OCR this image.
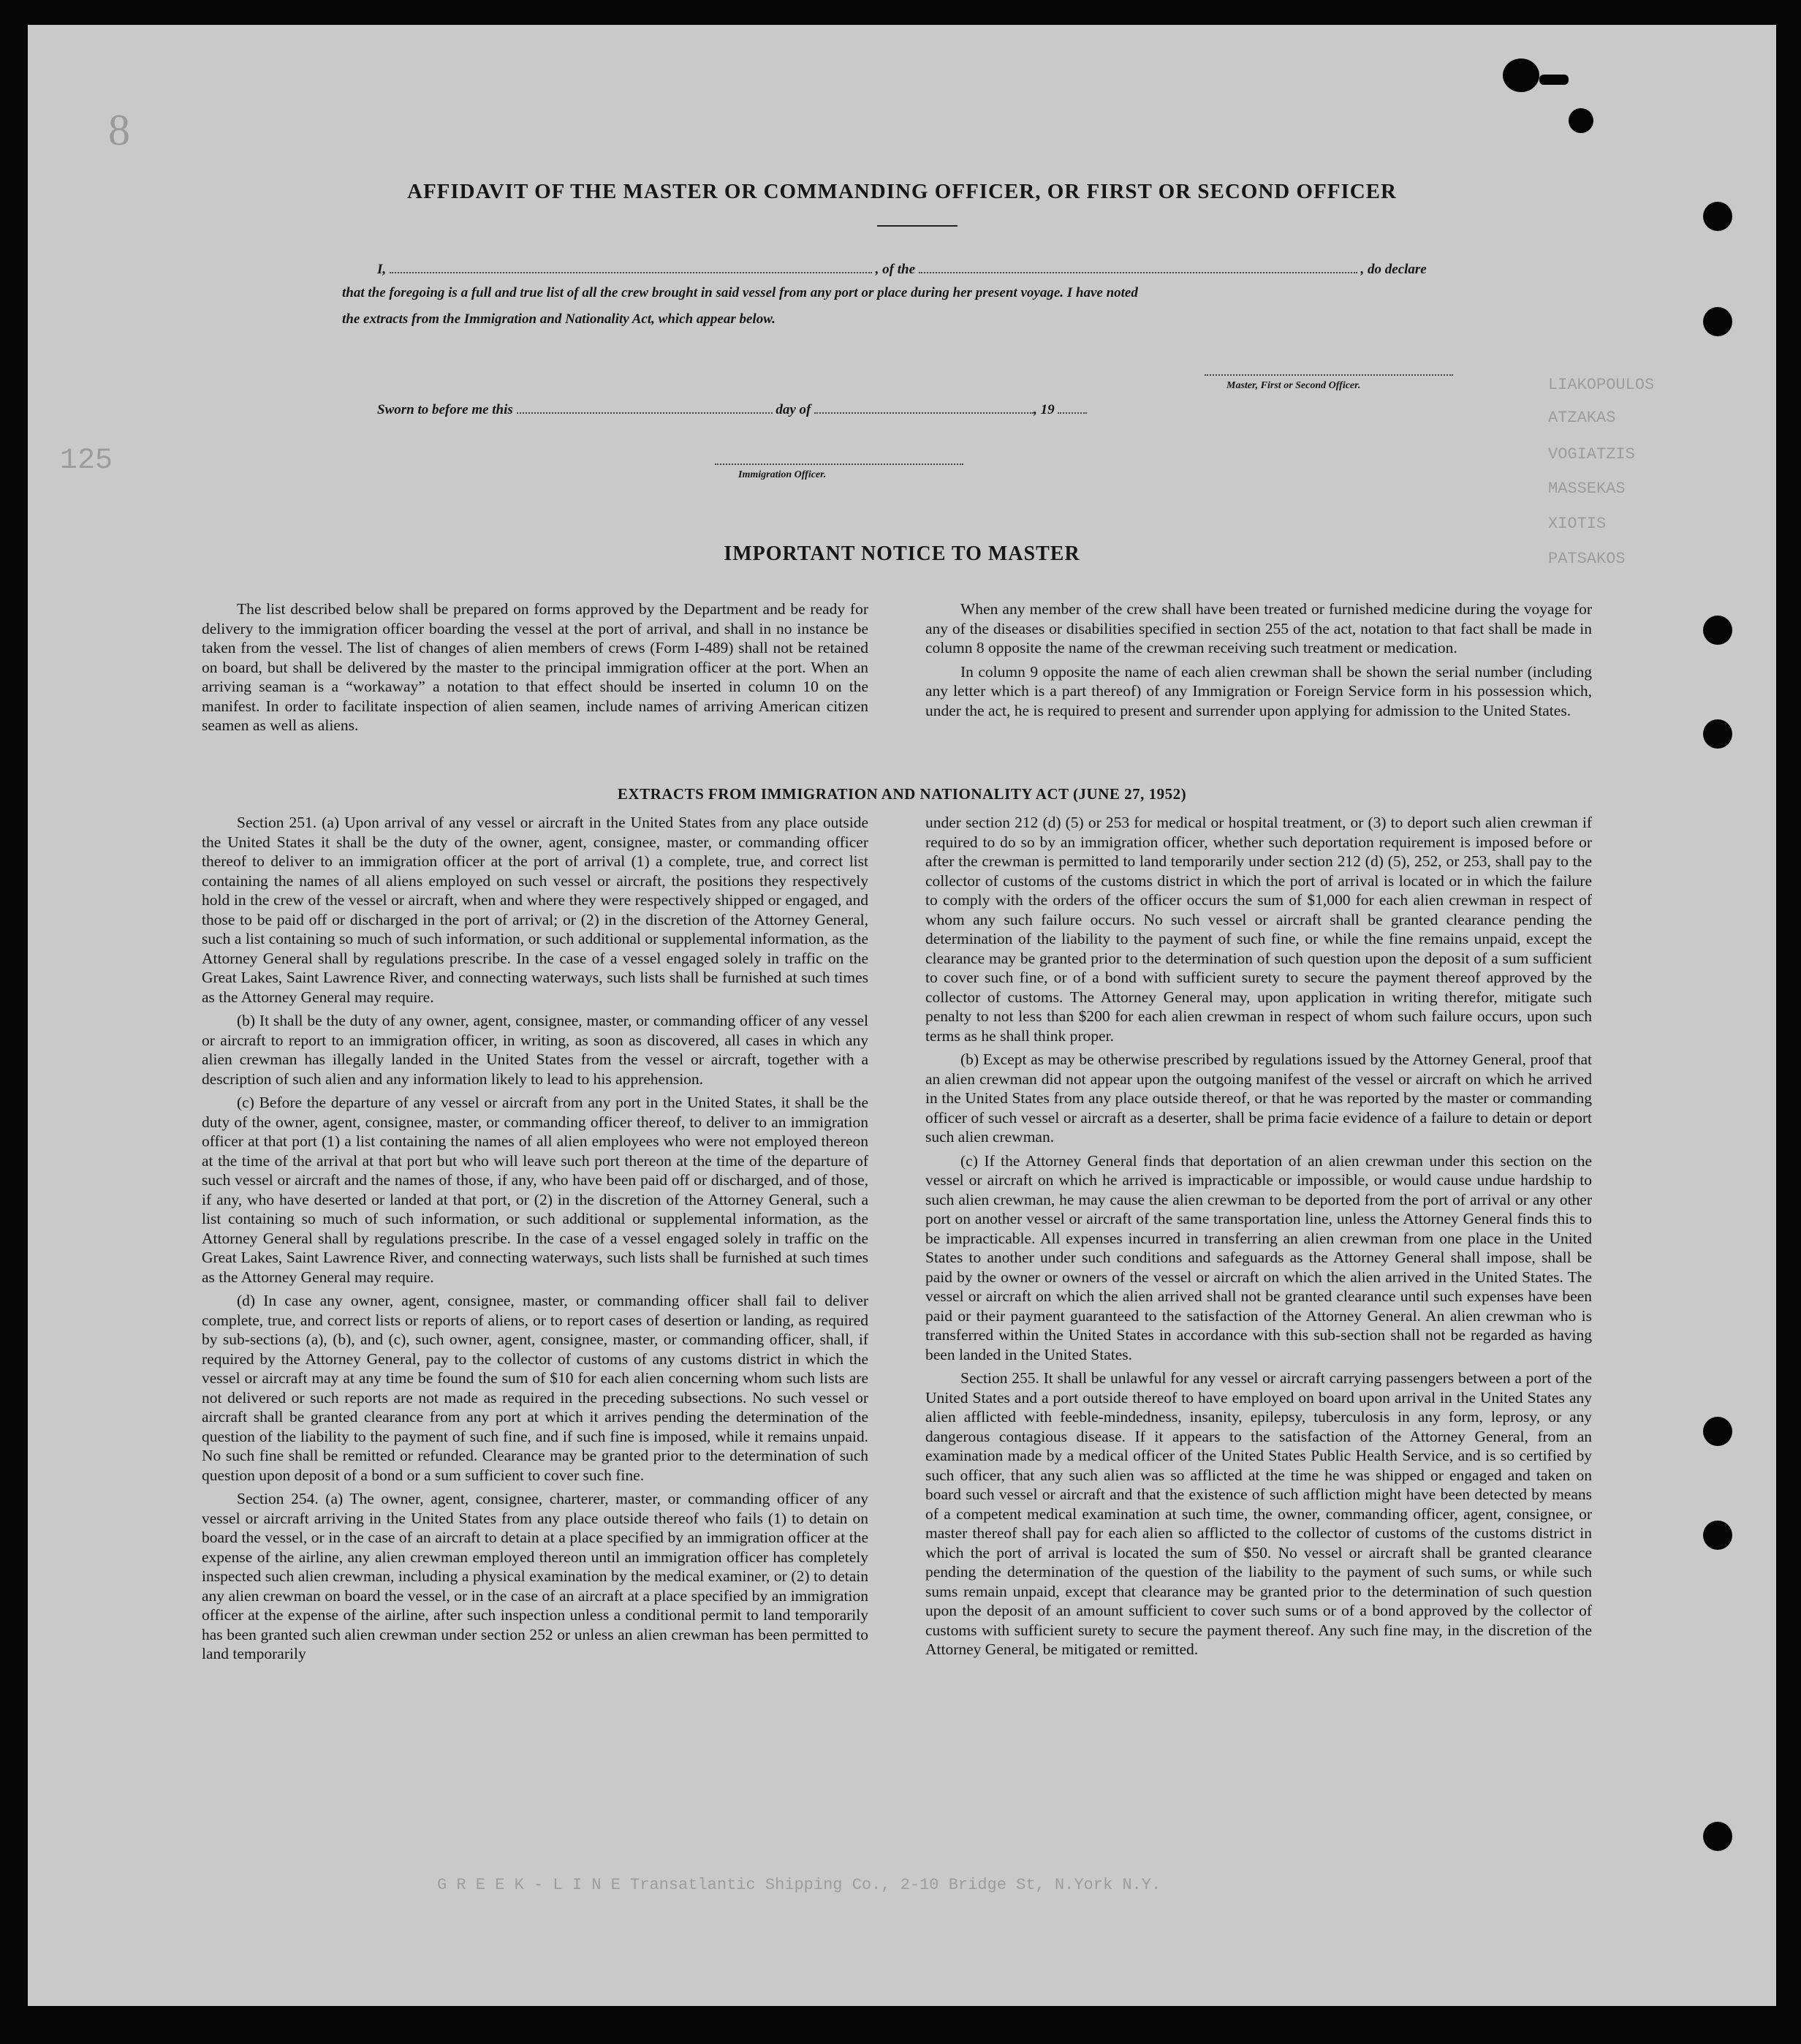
LIAKOPOULOS
ATZAKAS
VOGIATZIS
MASSEKAS
XIOTIS
PATSAKOS
125
G R E E K - L I N E Transatlantic Shipping Co., 2-10 Bridge St, N.York N.Y.
8
AFFIDAVIT OF THE MASTER OR COMMANDING OFFICER, OR FIRST OR SECOND OFFICER
I,	, of the	, do declare
that the foregoing is a full and true list of all the crew brought in said vessel from any port or place during her present voyage. I have noted
the extracts from the Immigration and Nationality Act, which appear below.
Master, First or Second Officer.
Sworn to before me this	day of	, 19
Immigration Officer.
IMPORTANT NOTICE TO MASTER

The list described below shall be prepared on forms approved by the Department and be ready for delivery to the immigration officer boarding the vessel at the port of arrival, and shall in no instance be taken from the vessel. The list of changes of alien members of crews (Form I-489) shall not be retained on board, but shall be delivered by the master to the principal immigration officer at the port. When an arriving seaman is a “workaway” a notation to that effect should be inserted in column 10 on the manifest. In order to facilitate inspection of alien seamen, include names of arriving American citizen seamen as well as aliens.

When any member of the crew shall have been treated or furnished medicine during the voyage for any of the diseases or disabilities specified in section 255 of the act, notation to that fact shall be made in column 8 opposite the name of the crewman receiving such treatment or medication.

In column 9 opposite the name of each alien crewman shall be shown the serial number (including any letter which is a part thereof) of any Immigration or Foreign Service form in his possession which, under the act, he is required to present and surrender upon applying for admission to the United States.

EXTRACTS FROM IMMIGRATION AND NATIONALITY ACT (JUNE 27, 1952)

Section 251. (a) Upon arrival of any vessel or aircraft in the United States from any place outside the United States it shall be the duty of the owner, agent, consignee, master, or commanding officer thereof to deliver to an immigration officer at the port of arrival (1) a complete, true, and correct list containing the names of all aliens employed on such vessel or aircraft, the positions they respectively hold in the crew of the vessel or aircraft, when and where they were respectively shipped or engaged, and those to be paid off or discharged in the port of arrival; or (2) in the discretion of the Attorney General, such a list containing so much of such information, or such additional or supplemental information, as the Attorney General shall by regulations prescribe. In the case of a vessel engaged solely in traffic on the Great Lakes, Saint Lawrence River, and connecting waterways, such lists shall be furnished at such times as the Attorney General may require.

(b) It shall be the duty of any owner, agent, consignee, master, or commanding officer of any vessel or aircraft to report to an immigration officer, in writing, as soon as discovered, all cases in which any alien crewman has illegally landed in the United States from the vessel or aircraft, together with a description of such alien and any information likely to lead to his apprehension.

(c) Before the departure of any vessel or aircraft from any port in the United States, it shall be the duty of the owner, agent, consignee, master, or commanding officer thereof, to deliver to an immigration officer at that port (1) a list containing the names of all alien employees who were not employed thereon at the time of the arrival at that port but who will leave such port thereon at the time of the departure of such vessel or aircraft and the names of those, if any, who have been paid off or discharged, and of those, if any, who have deserted or landed at that port, or (2) in the discretion of the Attorney General, such a list containing so much of such information, or such additional or supplemental information, as the Attorney General shall by regulations prescribe. In the case of a vessel engaged solely in traffic on the Great Lakes, Saint Lawrence River, and connecting waterways, such lists shall be furnished at such times as the Attorney General may require.

(d) In case any owner, agent, consignee, master, or commanding officer shall fail to deliver complete, true, and correct lists or reports of aliens, or to report cases of desertion or landing, as required by sub-sections (a), (b), and (c), such owner, agent, consignee, master, or commanding officer, shall, if required by the Attorney General, pay to the collector of customs of any customs district in which the vessel or aircraft may at any time be found the sum of $10 for each alien concerning whom such lists are not delivered or such reports are not made as required in the preceding subsections. No such vessel or aircraft shall be granted clearance from any port at which it arrives pending the determination of the question of the liability to the payment of such fine, and if such fine is imposed, while it remains unpaid. No such fine shall be remitted or refunded. Clearance may be granted prior to the determination of such question upon deposit of a bond or a sum sufficient to cover such fine.

Section 254. (a) The owner, agent, consignee, charterer, master, or commanding officer of any vessel or aircraft arriving in the United States from any place outside thereof who fails (1) to detain on board the vessel, or in the case of an aircraft to detain at a place specified by an immigration officer at the expense of the airline, any alien crewman employed thereon until an immigration officer has completely inspected such alien crewman, including a physical examination by the medical examiner, or (2) to detain any alien crewman on board the vessel, or in the case of an aircraft at a place specified by an immigration officer at the expense of the airline, after such inspection unless a conditional permit to land temporarily has been granted such alien crewman under section 252 or unless an alien crewman has been permitted to land temporarily

under section 212 (d) (5) or 253 for medical or hospital treatment, or (3) to deport such alien crewman if required to do so by an immigration officer, whether such deportation requirement is imposed before or after the crewman is permitted to land temporarily under section 212 (d) (5), 252, or 253, shall pay to the collector of customs of the customs district in which the port of arrival is located or in which the failure to comply with the orders of the officer occurs the sum of $1,000 for each alien crewman in respect of whom any such failure occurs. No such vessel or aircraft shall be granted clearance pending the determination of the liability to the payment of such fine, or while the fine remains unpaid, except the clearance may be granted prior to the determination of such question upon the deposit of a sum sufficient to cover such fine, or of a bond with sufficient surety to secure the payment thereof approved by the collector of customs. The Attorney General may, upon application in writing therefor, mitigate such penalty to not less than $200 for each alien crewman in respect of whom such failure occurs, upon such terms as he shall think proper.

(b) Except as may be otherwise prescribed by regulations issued by the Attorney General, proof that an alien crewman did not appear upon the outgoing manifest of the vessel or aircraft on which he arrived in the United States from any place outside thereof, or that he was reported by the master or commanding officer of such vessel or aircraft as a deserter, shall be prima facie evidence of a failure to detain or deport such alien crewman.

(c) If the Attorney General finds that deportation of an alien crewman under this section on the vessel or aircraft on which he arrived is impracticable or impossible, or would cause undue hardship to such alien crewman, he may cause the alien crewman to be deported from the port of arrival or any other port on another vessel or aircraft of the same transportation line, unless the Attorney General finds this to be impracticable. All expenses incurred in transferring an alien crewman from one place in the United States to another under such conditions and safeguards as the Attorney General shall impose, shall be paid by the owner or owners of the vessel or aircraft on which the alien arrived in the United States. The vessel or aircraft on which the alien arrived shall not be granted clearance until such expenses have been paid or their payment guaranteed to the satisfaction of the Attorney General. An alien crewman who is transferred within the United States in accordance with this sub-section shall not be regarded as having been landed in the United States.

Section 255. It shall be unlawful for any vessel or aircraft carrying passengers between a port of the United States and a port outside thereof to have employed on board upon arrival in the United States any alien afflicted with feeble-mindedness, insanity, epilepsy, tuberculosis in any form, leprosy, or any dangerous contagious disease. If it appears to the satisfaction of the Attorney General, from an examination made by a medical officer of the United States Public Health Service, and is so certified by such officer, that any such alien was so afflicted at the time he was shipped or engaged and taken on board such vessel or aircraft and that the existence of such affliction might have been detected by means of a competent medical examination at such time, the owner, commanding officer, agent, consignee, or master thereof shall pay for each alien so afflicted to the collector of customs of the customs district in which the port of arrival is located the sum of $50. No vessel or aircraft shall be granted clearance pending the determination of the question of the liability to the payment of such sums, or while such sums remain unpaid, except that clearance may be granted prior to the determination of such question upon the deposit of an amount sufficient to cover such sums or of a bond approved by the collector of customs with sufficient surety to secure the payment thereof. Any such fine may, in the discretion of the Attorney General, be mitigated or remitted.
